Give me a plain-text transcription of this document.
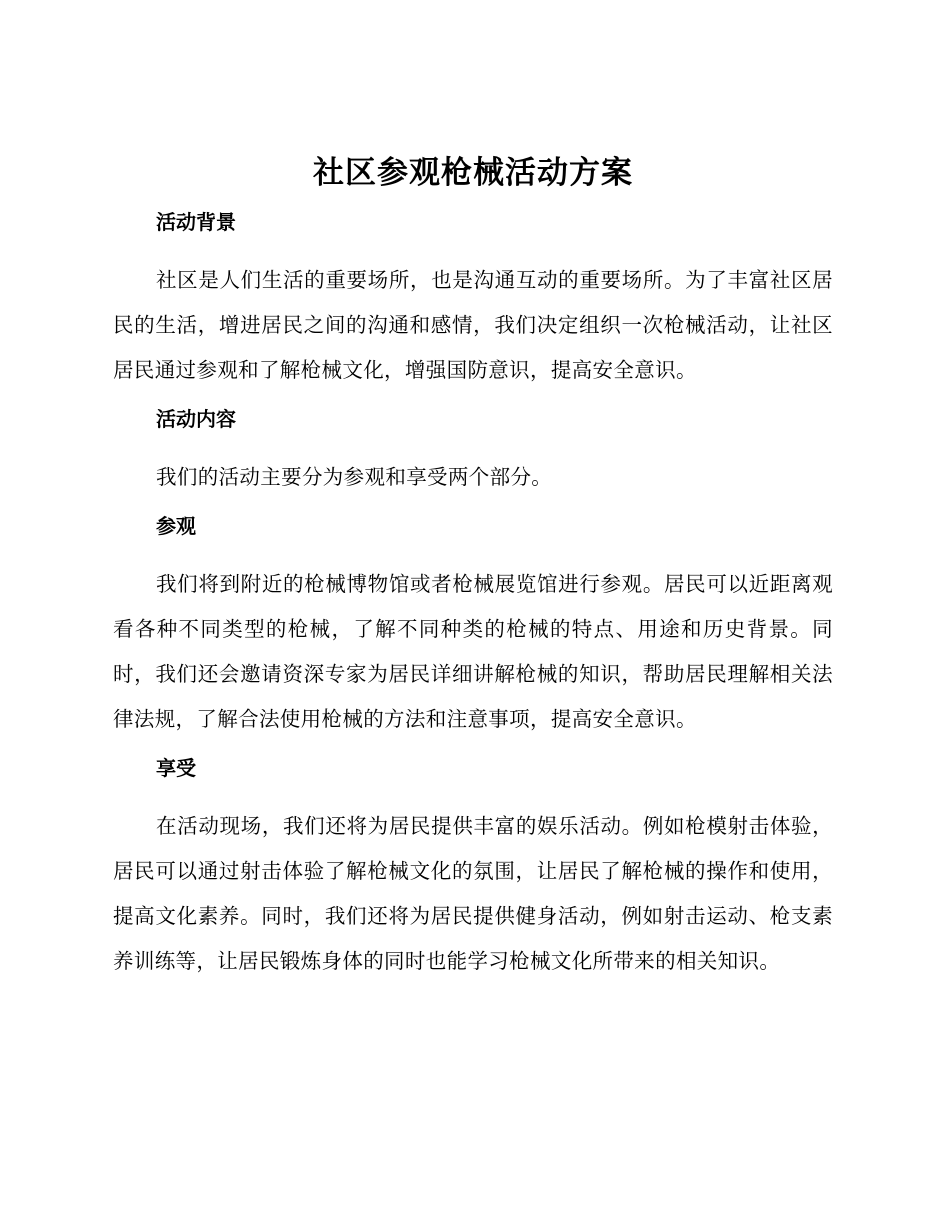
社区参观枪械活动方案
活动背景

社区是人们生活的重要场所，也是沟通互动的重要场所。为了丰富社区居民的生活，增进居民之间的沟通和感情，我们决定组织一次枪械活动，让社区居民通过参观和了解枪械文化，增强国防意识，提高安全意识。

活动内容

我们的活动主要分为参观和享受两个部分。

参观

我们将到附近的枪械博物馆或者枪械展览馆进行参观。居民可以近距离观看各种不同类型的枪械，了解不同种类的枪械的特点、用途和历史背景。同时，我们还会邀请资深专家为居民详细讲解枪械的知识，帮助居民理解相关法律法规，了解合法使用枪械的方法和注意事项，提高安全意识。

享受

在活动现场，我们还将为居民提供丰富的娱乐活动。例如枪模射击体验，居民可以通过射击体验了解枪械文化的氛围，让居民了解枪械的操作和使用，提高文化素养。同时，我们还将为居民提供健身活动，例如射击运动、枪支素养训练等，让居民锻炼身体的同时也能学习枪械文化所带来的相关知识。
